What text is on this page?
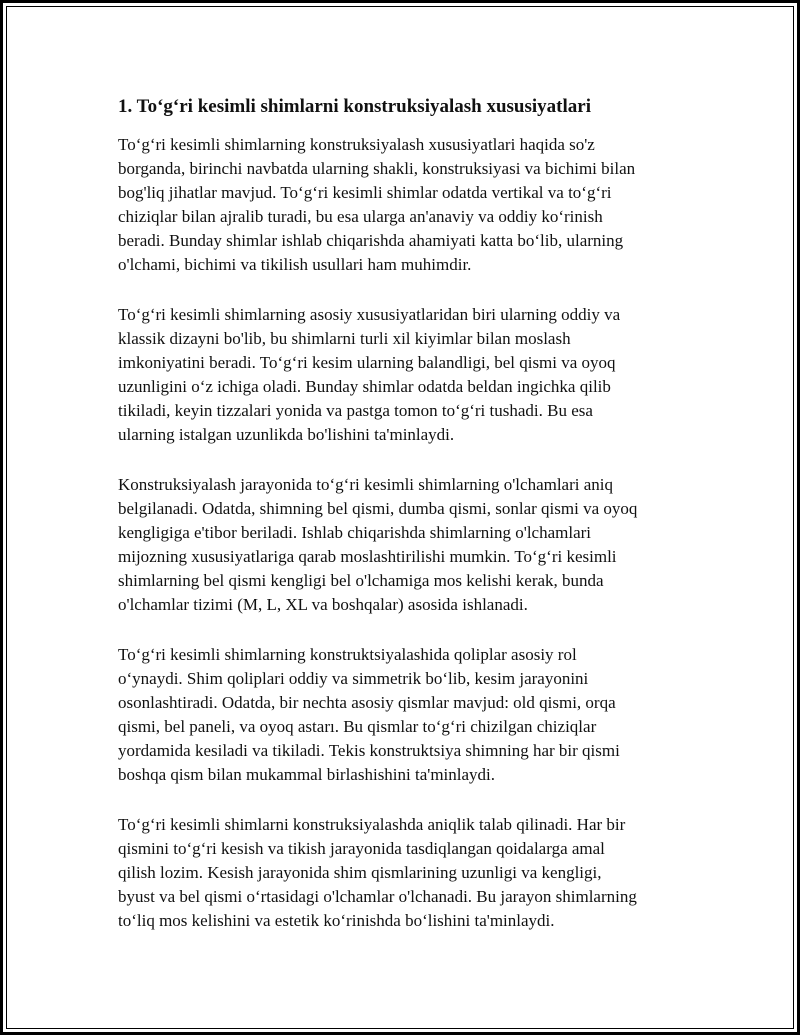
1. To‘g‘ri kesimli shimlarni konstruksiyalash xususiyatlari
To‘g‘ri kesimli shimlarning konstruksiyalash xususiyatlari haqida so'z
borganda, birinchi navbatda ularning shakli, konstruksiyasi va bichimi bilan
bog'liq jihatlar mavjud. To‘g‘ri kesimli shimlar odatda vertikal va to‘g‘ri
chiziqlar bilan ajralib turadi, bu esa ularga an'anaviy va oddiy ko‘rinish
beradi. Bunday shimlar ishlab chiqarishda ahamiyati katta bo‘lib, ularning
o'lchami, bichimi va tikilish usullari ham muhimdir.
To‘g‘ri kesimli shimlarning asosiy xususiyatlaridan biri ularning oddiy va
klassik dizayni bo'lib, bu shimlarni turli xil kiyimlar bilan moslash
imkoniyatini beradi. To‘g‘ri kesim ularning balandligi, bel qismi va oyoq
uzunligini o‘z ichiga oladi. Bunday shimlar odatda beldan ingichka qilib
tikiladi, keyin tizzalari yonida va pastga tomon to‘g‘ri tushadi. Bu esa
ularning istalgan uzunlikda bo'lishini ta'minlaydi.
Konstruksiyalash jarayonida to‘g‘ri kesimli shimlarning o'lchamlari aniq
belgilanadi. Odatda, shimning bel qismi, dumba qismi, sonlar qismi va oyoq
kengligiga e'tibor beriladi. Ishlab chiqarishda shimlarning o'lchamlari
mijozning xususiyatlariga qarab moslashtirilishi mumkin. To‘g‘ri kesimli
shimlarning bel qismi kengligi bel o'lchamiga mos kelishi kerak, bunda
o'lchamlar tizimi (M, L, XL va boshqalar) asosida ishlanadi.
To‘g‘ri kesimli shimlarning konstruktsiyalashida qoliplar asosiy rol
o‘ynaydi. Shim qoliplari oddiy va simmetrik bo‘lib, kesim jarayonini
osonlashtiradi. Odatda, bir nechta asosiy qismlar mavjud: old qismi, orqa
qismi, bel paneli, va oyoq astarı. Bu qismlar to‘g‘ri chizilgan chiziqlar
yordamida kesiladi va tikiladi. Tekis konstruktsiya shimning har bir qismi
boshqa qism bilan mukammal birlashishini ta'minlaydi.
To‘g‘ri kesimli shimlarni konstruksiyalashda aniqlik talab qilinadi. Har bir
qismini to‘g‘ri kesish va tikish jarayonida tasdiqlangan qoidalarga amal
qilish lozim. Kesish jarayonida shim qismlarining uzunligi va kengligi,
byust va bel qismi o‘rtasidagi o'lchamlar o'lchanadi. Bu jarayon shimlarning
to‘liq mos kelishini va estetik ko‘rinishda bo‘lishini ta'minlaydi.
